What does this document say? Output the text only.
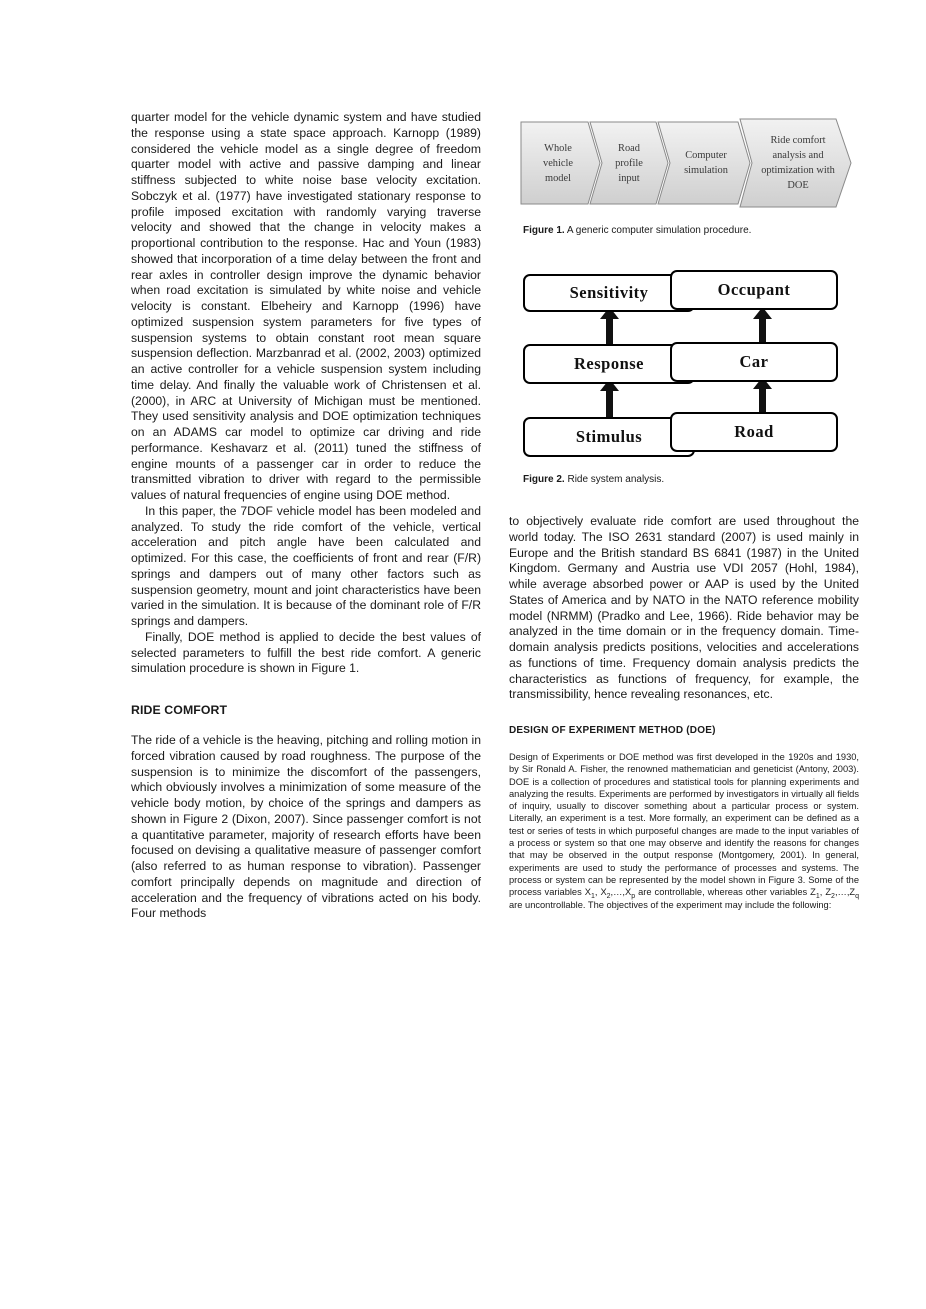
quarter model for the vehicle dynamic system and have studied the response using a state space approach. Karnopp (1989) considered the vehicle model as a single degree of freedom quarter model with active and passive damping and linear stiffness subjected to white noise base velocity excitation. Sobczyk et al. (1977) have investigated stationary response to profile imposed excitation with randomly varying traverse velocity and showed that the change in velocity makes a proportional contribution to the response. Hac and Youn (1983) showed that incorporation of a time delay between the front and rear axles in controller design improve the dynamic behavior when road excitation is simulated by white noise and vehicle velocity is constant. Elbeheiry and Karnopp (1996) have optimized suspension system parameters for five types of suspension systems to obtain constant root mean square suspension deflection. Marzbanrad et al. (2002, 2003) optimized an active controller for a vehicle suspension system including time delay. And finally the valuable work of Christensen et al. (2000), in ARC at University of Michigan must be mentioned. They used sensitivity analysis and DOE optimization techniques on an ADAMS car model to optimize car driving and ride performance. Keshavarz et al. (2011) tuned the stiffness of engine mounts of a passenger car in order to reduce the transmitted vibration to driver with regard to the permissible values of natural frequencies of engine using DOE method.

In this paper, the 7DOF vehicle model has been modeled and analyzed. To study the ride comfort of the vehicle, vertical acceleration and pitch angle have been calculated and optimized. For this case, the coefficients of front and rear (F/R) springs and dampers out of many other factors such as suspension geometry, mount and joint characteristics have been varied in the simulation. It is because of the dominant role of F/R springs and dampers.

Finally, DOE method is applied to decide the best values of selected parameters to fulfill the best ride comfort. A generic simulation procedure is shown in Figure 1.

RIDE COMFORT

The ride of a vehicle is the heaving, pitching and rolling motion in forced vibration caused by road roughness. The purpose of the suspension is to minimize the discomfort of the passengers, which obviously involves a minimization of some measure of the vehicle body motion, by choice of the springs and dampers as shown in Figure 2 (Dixon, 2007). Since passenger comfort is not a quantitative parameter, majority of research efforts have been focused on devising a qualitative measure of passenger comfort (also referred to as human response to vibration). Passenger comfort principally depends on magnitude and direction of acceleration and the frequency of vibrations acted on his body. Four methods

Whole vehicle model
Road profile input
Computer simulation
Ride comfort analysis and optimization with DOE

Figure 1. A generic computer simulation procedure.

Sensitivity	Occupant
Response	Car
Stimulus	Road

Figure 2. Ride system analysis.

to objectively evaluate ride comfort are used throughout the world today. The ISO 2631 standard (2007) is used mainly in Europe and the British standard BS 6841 (1987) in the United Kingdom. Germany and Austria use VDI 2057 (Hohl, 1984), while average absorbed power or AAP is used by the United States of America and by NATO in the NATO reference mobility model (NRMM) (Pradko and Lee, 1966). Ride behavior may be analyzed in the time domain or in the frequency domain. Time-domain analysis predicts positions, velocities and accelerations as functions of time. Frequency domain analysis predicts the characteristics as functions of frequency, for example, the transmissibility, hence revealing resonances, etc.

DESIGN OF EXPERIMENT METHOD (DOE)

Design of Experiments or DOE method was first developed in the 1920s and 1930, by Sir Ronald A. Fisher, the renowned mathematician and geneticist (Antony, 2003). DOE is a collection of procedures and statistical tools for planning experiments and analyzing the results. Experiments are performed by investigators in virtually all fields of inquiry, usually to discover something about a particular process or system. Literally, an experiment is a test. More formally, an experiment can be defined as a test or series of tests in which purposeful changes are made to the input variables of a process or system so that one may observe and identify the reasons for changes that may be observed in the output response (Montgomery, 2001). In general, experiments are used to study the performance of processes and systems. The process or system can be represented by the model shown in Figure 3. Some of the process variables $X_1$, $X_2,\dots,X_p$ are controllable, whereas other variables $Z_1$, $Z_2,\dots,Z_q$ are uncontrollable. The objectives of the experiment may include the following:
